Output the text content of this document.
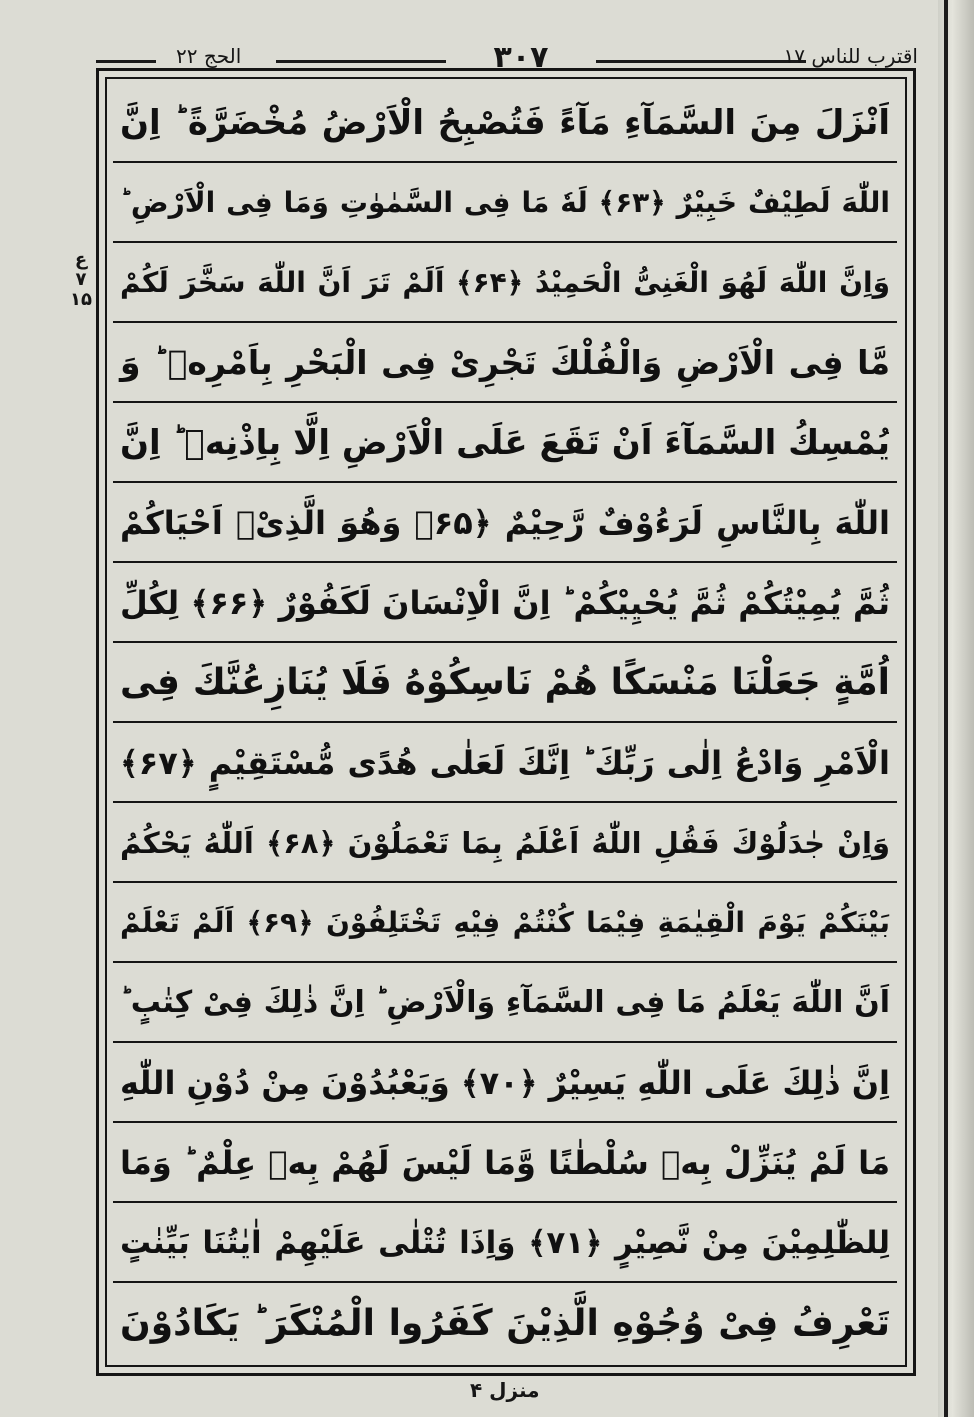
الحج ۲۲	۳۰۷	اقترب للناس ۱۷
ع
۷
۱۵
اَنْزَلَ مِنَ السَّمَآءِ مَآءً فَتُصْبِحُ الْاَرْضُ مُخْضَرَّةً ؕ اِنَّ
اللّٰهَ لَطِيْفٌ خَبِيْرٌ ﴿۶۳﴾ لَهٗ مَا فِى السَّمٰوٰتِ وَمَا فِى الْاَرْضِ ؕ
وَاِنَّ اللّٰهَ لَهُوَ الْغَنِىُّ الْحَمِيْدُ ﴿۶۴﴾ اَلَمْ تَرَ اَنَّ اللّٰهَ سَخَّرَ لَكُمْ
مَّا فِى الْاَرْضِ وَالْفُلْكَ تَجْرِىْ فِى الْبَحْرِ بِاَمْرِهٖ ؕ وَ
يُمْسِكُ السَّمَآءَ اَنْ تَقَعَ عَلَى الْاَرْضِ اِلَّا بِاِذْنِهٖ ؕ اِنَّ
اللّٰهَ بِالنَّاسِ لَرَءُوْفٌ رَّحِيْمٌ ﴿۶۵﴾ وَهُوَ الَّذِىْۤ اَحْيَاكُمْ
ثُمَّ يُمِيْتُكُمْ ثُمَّ يُحْيِيْكُمْ ؕ اِنَّ الْاِنْسَانَ لَكَفُوْرٌ ﴿۶۶﴾ لِكُلِّ
اُمَّةٍ جَعَلْنَا مَنْسَكًا هُمْ نَاسِكُوْهُ فَلَا يُنَازِعُنَّكَ فِى
الْاَمْرِ وَادْعُ اِلٰى رَبِّكَ ؕ اِنَّكَ لَعَلٰى هُدًى مُّسْتَقِيْمٍ ﴿۶۷﴾
وَاِنْ جٰدَلُوْكَ فَقُلِ اللّٰهُ اَعْلَمُ بِمَا تَعْمَلُوْنَ ﴿۶۸﴾ اَللّٰهُ يَحْكُمُ
بَيْنَكُمْ يَوْمَ الْقِيٰمَةِ فِيْمَا كُنْتُمْ فِيْهِ تَخْتَلِفُوْنَ ﴿۶۹﴾ اَلَمْ تَعْلَمْ
اَنَّ اللّٰهَ يَعْلَمُ مَا فِى السَّمَآءِ وَالْاَرْضِ ؕ اِنَّ ذٰلِكَ فِىْ كِتٰبٍ ؕ
اِنَّ ذٰلِكَ عَلَى اللّٰهِ يَسِيْرٌ ﴿۷۰﴾ وَيَعْبُدُوْنَ مِنْ دُوْنِ اللّٰهِ
مَا لَمْ يُنَزِّلْ بِهٖ سُلْطٰنًا وَّمَا لَيْسَ لَهُمْ بِهٖ عِلْمٌ ؕ وَمَا
لِلظّٰلِمِيْنَ مِنْ نَّصِيْرٍ ﴿۷۱﴾ وَاِذَا تُتْلٰى عَلَيْهِمْ اٰيٰتُنَا بَيِّنٰتٍ
تَعْرِفُ فِىْ وُجُوْهِ الَّذِيْنَ كَفَرُوا الْمُنْكَرَ ؕ يَكَادُوْنَ
منزل ۴
